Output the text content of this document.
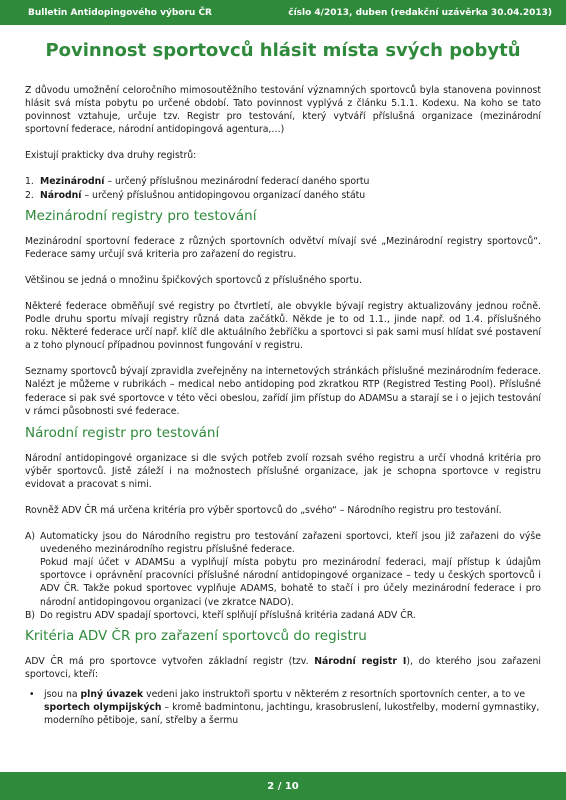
Bulletin Antidopingového výboru ČR	číslo 4/2013, duben (redakční uzávěrka 30.04.2013)
Povinnost sportovců hlásit místa svých pobytů

Z důvodu umožnění celoročního mimosoutěžního testování významných sportovců byla stanovena povinnost hlásit svá místa pobytu po určené období. Tato povinnost vyplývá z článku 5.1.1. Kodexu. Na koho se tato povinnost vztahuje, určuje tzv. Registr pro testování, který vytváří příslušná organizace (mezinárodní sportovní federace, národní antidopingová agentura,…)

Existují prakticky dva druhy registrů:

1. Mezinárodní – určený příslušnou mezinárodní federací daného sportu
2. Národní – určený příslušnou antidopingovou organizací daného státu
Mezinárodní registry pro testování

Mezinárodní sportovní federace z různých sportovních odvětví mívají své „Mezinárodní registry sportovců“. Federace samy určují svá kriteria pro zařazení do registru.

Většinou se jedná o množinu špičkových sportovců z příslušného sportu.

Některé federace obměňují své registry po čtvrtletí, ale obvykle bývají registry aktualizovány jednou ročně. Podle druhu sportu mívají registry různá data začátků. Někde je to od 1.1., jinde např. od 1.4. příslušného roku. Některé federace určí např. klíč dle aktuálního žebříčku a sportovci si pak sami musí hlídat své postavení a z toho plynoucí případnou povinnost fungování v registru.

Seznamy sportovců bývají zpravidla zveřejněny na internetových stránkách příslušné mezinárodním federace. Nalézt je můžeme v rubrikách – medical nebo antidoping pod zkratkou RTP (Registred Testing Pool). Příslušné federace si pak své sportovce v této věci obeslou, zařídí jim přístup do ADAMSu a starají se i o jejich testování v rámci působnosti své federace.

Národní registr pro testování

Národní antidopingové organizace si dle svých potřeb zvolí rozsah svého registru a určí vhodná kritéria pro výběr sportovců. Jistě záleží i na možnostech příslušné organizace, jak je schopna sportovce v registru evidovat a pracovat s nimi.

Rovněž ADV ČR má určena kritéria pro výběr sportovců do „svého“ – Národního registru pro testování.

A) Automaticky jsou do Národního registru pro testování zařazeni sportovci, kteří jsou již zařazeni do výše uvedeného mezinárodního registru příslušné federace.
Pokud mají účet v ADAMSu a vyplňují místa pobytu pro mezinárodní federaci, mají přístup k údajům sportovce i oprávnění pracovníci příslušné národní antidopingové organizace – tedy u českých sportovců i ADV ČR. Takže pokud sportovec vyplňuje ADAMS, bohatě to stačí i pro účely mezinárodní federace i pro národní antidopingovou organizaci (ve zkratce NADO).
B) Do registru ADV spadají sportovci, kteří splňují příslušná kritéria zadaná ADV ČR.
Kritéria ADV ČR pro zařazení sportovců do registru

ADV ČR má pro sportovce vytvořen základní registr (tzv. Národní registr I), do kterého jsou zařazeni sportovci, kteří:

•	jsou na plný úvazek vedeni jako instruktoři sportu v některém z resortních sportovních center, a to ve sportech olympijských – kromě badmintonu, jachtingu, krasobruslení, lukostřelby, moderní gymnastiky, moderního pětiboje, saní, střelby a šermu
2 / 10
